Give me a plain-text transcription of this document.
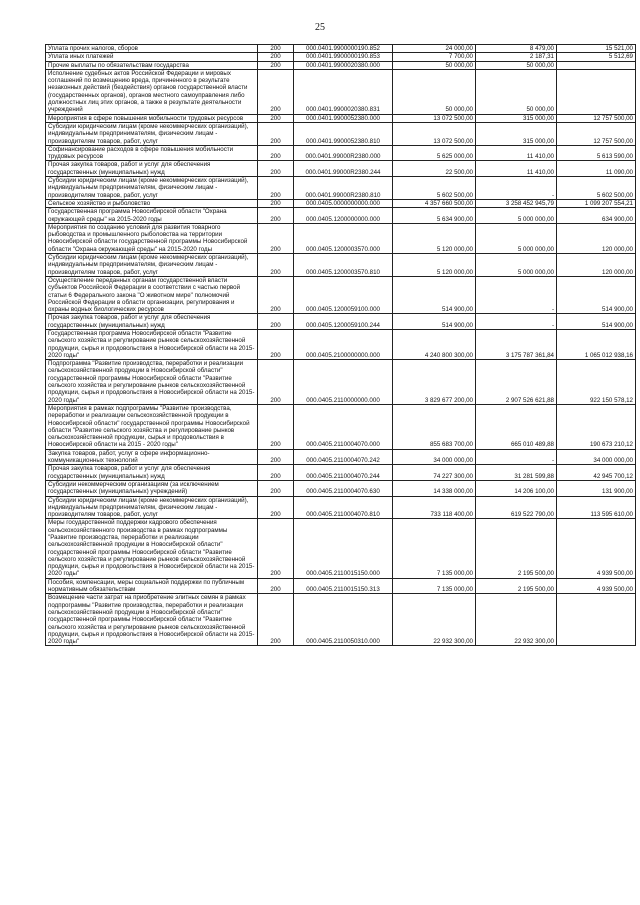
25
Уплата прочих налогов, сборов	200	000.0401.9900000190.852	24 000,00	8 479,00	15 521,00
Уплата иных платежей	200	000.0401.9900000190.853	7 700,00	2 187,31	5 512,69
Прочие выплаты по обязательствам государства	200	000.0401.9900020380.000	50 000,00	50 000,00	
Исполнение судебных актов Российской Федерации и мировых соглашений по возмещению вреда, причиненного в результате незаконных действий (бездействия) органов государственной власти (государственных органов), органов местного самоуправления либо должностных лиц этих органов, а также в результате деятельности учреждений	200	000.0401.9900020380.831	50 000,00	50 000,00	
Мероприятия в сфере повышения мобильности трудовых ресурсов	200	000.0401.9900052380.000	13 072 500,00	315 000,00	12 757 500,00
Субсидии юридическим лицам (кроме некоммерческих организаций), индивидуальным предпринимателям, физическим лицам - производителям товаров, работ, услуг	200	000.0401.9900052380.810	13 072 500,00	315 000,00	12 757 500,00
Софинансирование расходов в сфере повышения мобильности трудовых ресурсов	200	000.0401.99000R2380.000	5 625 000,00	11 410,00	5 613 590,00
Прочая закупка товаров, работ и услуг для обеспечения государственных (муниципальных) нужд	200	000.0401.99000R2380.244	22 500,00	11 410,00	11 090,00
Субсидии юридическим лицам (кроме некоммерческих организаций), индивидуальным предпринимателям, физическим лицам - производителям товаров, работ, услуг	200	000.0401.99000R2380.810	5 602 500,00	-	5 602 500,00
Сельское хозяйство и рыболовство	200	000.0405.0000000000.000	4 357 660 500,00	3 258 452 945,79	1 099 207 554,21
Государственная программа Новосибирской области "Охрана окружающей среды" на 2015-2020 годы	200	000.0405.1200000000.000	5 634 900,00	5 000 000,00	634 900,00
Мероприятия по созданию условий для развития товарного рыбоводства и промышленного рыболовства на территории Новосибирской области государственной программы Новосибирской области "Охрана окружающей среды" на 2015-2020 годы	200	000.0405.1200003570.000	5 120 000,00	5 000 000,00	120 000,00
Субсидии юридическим лицам (кроме некоммерческих организаций), индивидуальным предпринимателям, физическим лицам - производителям товаров, работ, услуг	200	000.0405.1200003570.810	5 120 000,00	5 000 000,00	120 000,00
Осуществление переданных органам государственной власти субъектов Российской Федерации в соответствии с частью первой статьи 6 Федерального закона "О животном мире" полномочий Российской Федерации в области организации, регулирования и охраны водных биологических ресурсов	200	000.0405.1200059100.000	514 900,00	-	514 900,00
Прочая закупка товаров, работ и услуг для обеспечения государственных (муниципальных) нужд	200	000.0405.1200059100.244	514 900,00	-	514 900,00
Государственная программа Новосибирской области "Развитие сельского хозяйства и регулирование рынков сельскохозяйственной продукции, сырья и продовольствия в Новосибирской области на 2015-2020 годы"	200	000.0405.2100000000.000	4 240 800 300,00	3 175 787 361,84	1 065 012 938,16
Подпрограмма "Развитие производства, переработки и реализации сельскохозяйственной продукции в Новосибирской области" государственной программы Новосибирской области "Развитие сельского хозяйства и регулирование рынков сельскохозяйственной продукции, сырья и продовольствия в Новосибирской области на 2015-2020 годы"	200	000.0405.2110000000.000	3 829 677 200,00	2 907 526 621,88	922 150 578,12
Мероприятия в рамках подпрограммы "Развитие производства, переработки и реализации сельскохозяйственной продукции в Новосибирской области" государственной программы Новосибирской области "Развитие сельского хозяйства и регулирование рынков сельскохозяйственной продукции, сырья и продовольствия в Новосибирской области на 2015 - 2020 годы"	200	000.0405.2110004070.000	855 683 700,00	665 010 489,88	190 673 210,12
Закупка товаров, работ, услуг в сфере информационно-коммуникационных технологий	200	000.0405.2110004070.242	34 000 000,00	-	34 000 000,00
Прочая закупка товаров, работ и услуг для обеспечения государственных (муниципальных) нужд	200	000.0405.2110004070.244	74 227 300,00	31 281 599,88	42 945 700,12
Субсидии некоммерческим организациям (за исключением государственных (муниципальных) учреждений)	200	000.0405.2110004070.630	14 338 000,00	14 206 100,00	131 900,00
Субсидии юридическим лицам (кроме некоммерческих организаций), индивидуальным предпринимателям, физическим лицам - производителям товаров, работ, услуг	200	000.0405.2110004070.810	733 118 400,00	619 522 790,00	113 595 610,00
Меры государственной поддержки кадрового обеспечения сельскохозяйственного производства в рамках подпрограммы "Развитие производства, переработки и реализации сельскохозяйственной продукции в Новосибирской области" государственной программы Новосибирской области "Развитие сельского хозяйства и регулирование рынков сельскохозяйственной продукции, сырья и продовольствия в Новосибирской области на 2015-2020 годы"	200	000.0405.2110015150.000	7 135 000,00	2 195 500,00	4 939 500,00
Пособия, компенсации, меры социальной поддержки по публичным нормативным обязательствам	200	000.0405.2110015150.313	7 135 000,00	2 195 500,00	4 939 500,00
Возмещение части затрат на приобретение элитных семян в рамках подпрограммы "Развитие производства, переработки и реализации сельскохозяйственной продукции в Новосибирской области" государственной программы Новосибирской области "Развитие сельского хозяйства и регулирование рынков сельскохозяйственной продукции, сырья и продовольствия в Новосибирской области на 2015-2020 годы"	200	000.0405.2110050310.000	22 932 300,00	22 932 300,00	
